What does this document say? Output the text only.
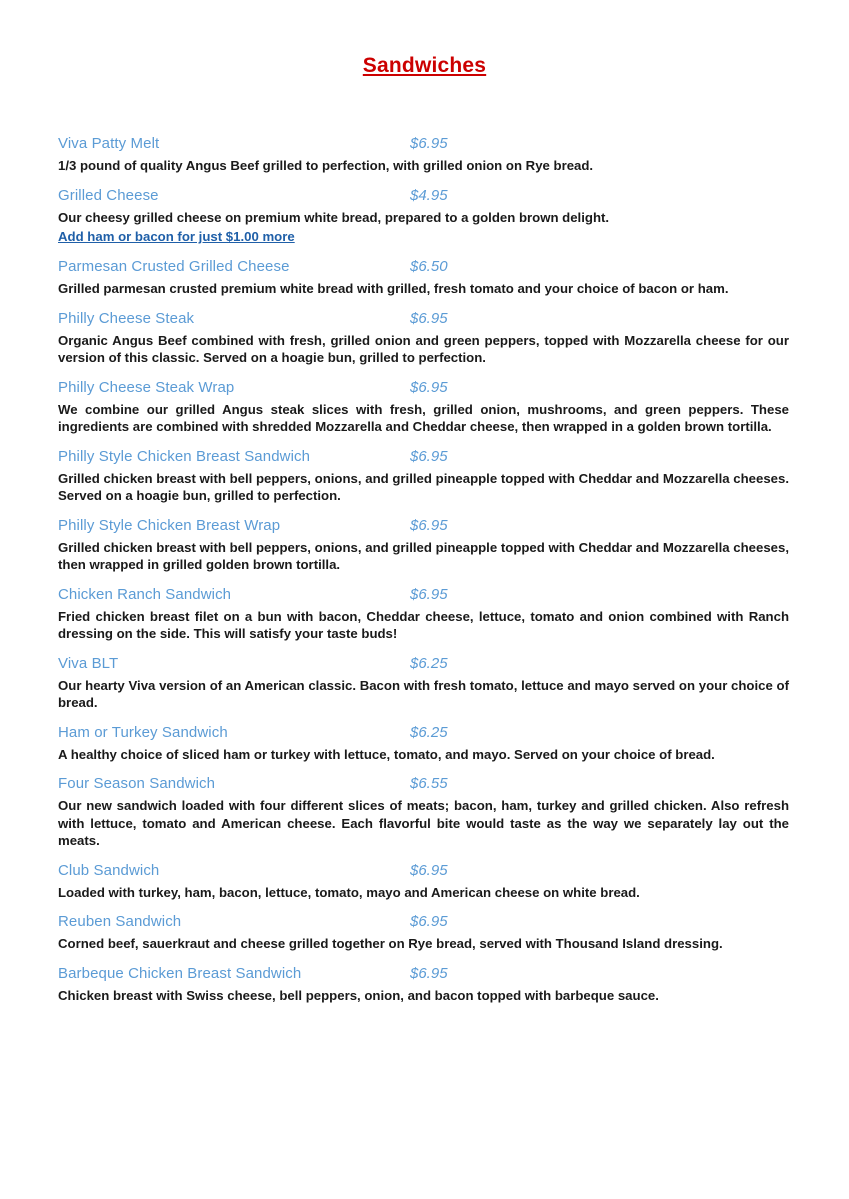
Sandwiches
Viva Patty Melt	$6.95
1/3 pound of quality Angus Beef grilled to perfection, with grilled onion on Rye bread.
Grilled Cheese	$4.95
Our cheesy grilled cheese on premium white bread, prepared to a golden brown delight.
Add ham or bacon for just $1.00 more
Parmesan Crusted Grilled Cheese	$6.50
Grilled parmesan crusted premium white bread with grilled, fresh tomato and your choice of bacon or ham.
Philly Cheese Steak	$6.95
Organic Angus Beef combined with fresh, grilled onion and green peppers, topped with Mozzarella cheese for our version of this classic. Served on a hoagie bun, grilled to perfection.
Philly Cheese Steak Wrap	$6.95
We combine our grilled Angus steak slices with fresh, grilled onion, mushrooms, and green peppers. These ingredients are combined with shredded Mozzarella and Cheddar cheese, then wrapped in a golden brown tortilla.
Philly Style Chicken Breast Sandwich	$6.95
Grilled chicken breast with bell peppers, onions, and grilled pineapple topped with Cheddar and Mozzarella cheeses. Served on a hoagie bun, grilled to perfection.
Philly Style Chicken Breast Wrap	$6.95
Grilled chicken breast with bell peppers, onions, and grilled pineapple topped with Cheddar and Mozzarella cheeses, then wrapped in grilled golden brown tortilla.
Chicken Ranch Sandwich	$6.95
Fried chicken breast filet on a bun with bacon, Cheddar cheese, lettuce, tomato and onion combined with Ranch dressing on the side. This will satisfy your taste buds!
Viva BLT	$6.25
Our hearty Viva version of an American classic. Bacon with fresh tomato, lettuce and mayo served on your choice of bread.
Ham or Turkey Sandwich	$6.25
A healthy choice of sliced ham or turkey with lettuce, tomato, and mayo. Served on your choice of bread.
Four Season Sandwich	$6.55
Our new sandwich loaded with four different slices of meats; bacon, ham, turkey and grilled chicken. Also refresh with lettuce, tomato and American cheese. Each flavorful bite would taste as the way we separately lay out the meats.
Club Sandwich	$6.95
Loaded with turkey, ham, bacon, lettuce, tomato, mayo and American cheese on white bread.
Reuben Sandwich	$6.95
Corned beef, sauerkraut and cheese grilled together on Rye bread, served with Thousand Island dressing.
Barbeque Chicken Breast Sandwich	$6.95
Chicken breast with Swiss cheese, bell peppers, onion, and bacon topped with barbeque sauce.
